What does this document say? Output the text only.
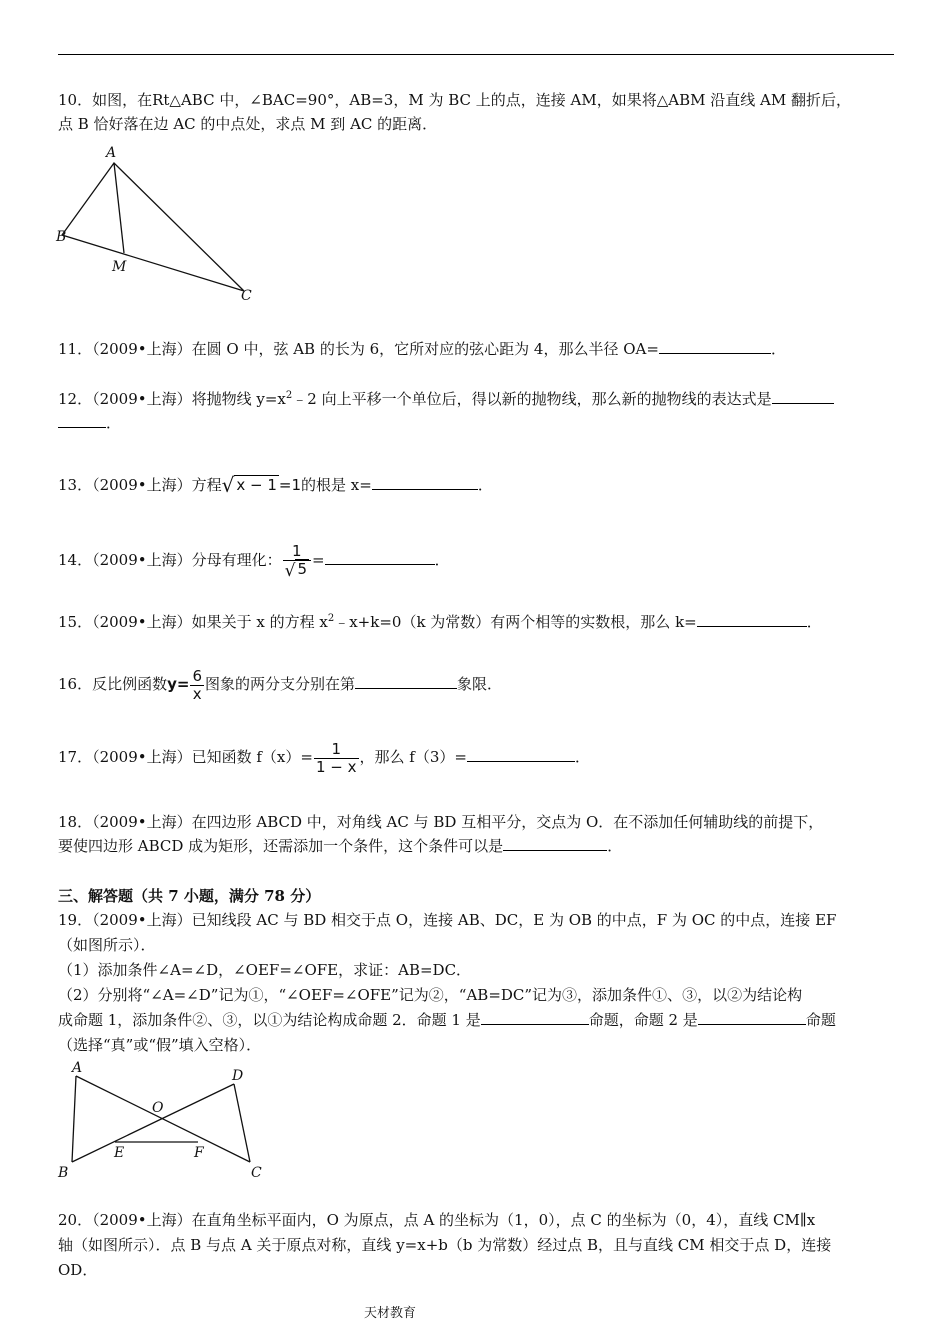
10．如图，在Rt△ABC 中，∠BAC=90°，AB=3，M 为 BC 上的点，连接 AM，如果将△ABM 沿直线 AM 翻折后，
点 B 恰好落在边 AC 的中点处，求点 M 到 AC 的距离．
A
B
M
C
11．（2009•上海）在圆 O 中，弦 AB 的长为 6，它所对应的弦心距为 4，那么半径 OA=	．
12．（2009•上海）将抛物线 $y=x^2﹣2$ 向上平移一个单位后，得以新的抛物线，那么新的抛物线的表达式是
．
13．（2009•上海）方程√ x − 1 =1的根是 x=	．
14．（2009•上海）分母有理化： $\frac{1}{√ 5}$ =	．
15．（2009•上海）如果关于 x 的方程 $x^2﹣x+k=0(k$ 为常数）有两个相等的实数根，那么 k=	．
16．反比例函数$y= \frac{6}{x}$ 图象的两分支分别在第	象限．
17．（2009•上海）已知函数 $f(x)= \frac{1}{1 - x}$ ，那么 f（3）=	．
18．（2009•上海）在四边形 ABCD 中，对角线 AC 与 BD 互相平分，交点为 O．在不添加任何辅助线的前提下，
要使四边形 ABCD 成为矩形，还需添加一个条件，这个条件可以是	．
三、解答题（共 7 小题，满分 78 分）
19．（2009•上海）已知线段 AC 与 BD 相交于点 O，连接 AB、DC，E 为 OB 的中点，F 为 OC 的中点，连接 EF
（如图所示）．
（1）添加条件∠A=∠D，∠OEF=∠OFE，求证：AB=DC．
（2）分别将“∠A=∠D”记为①，“∠OEF=∠OFE”记为②，“AB=DC”记为③，添加条件①、③，以②为结论构
成命题 1，添加条件②、③，以①为结论构成命题 2．命题 1 是	命题，命题 2 是	命题
（选择“真”或“假”填入空格）．
A	D
O
E	F
B	C
20．（2009•上海）在直角坐标平面内，O 为原点，点 A 的坐标为（1，0），点 C 的坐标为（0，4），直线 CM∥x
轴（如图所示）．点 B 与点 A 关于原点对称，直线 y=x+b（b 为常数）经过点 B，且与直线 CM 相交于点 D，连接
OD．
天材教育
